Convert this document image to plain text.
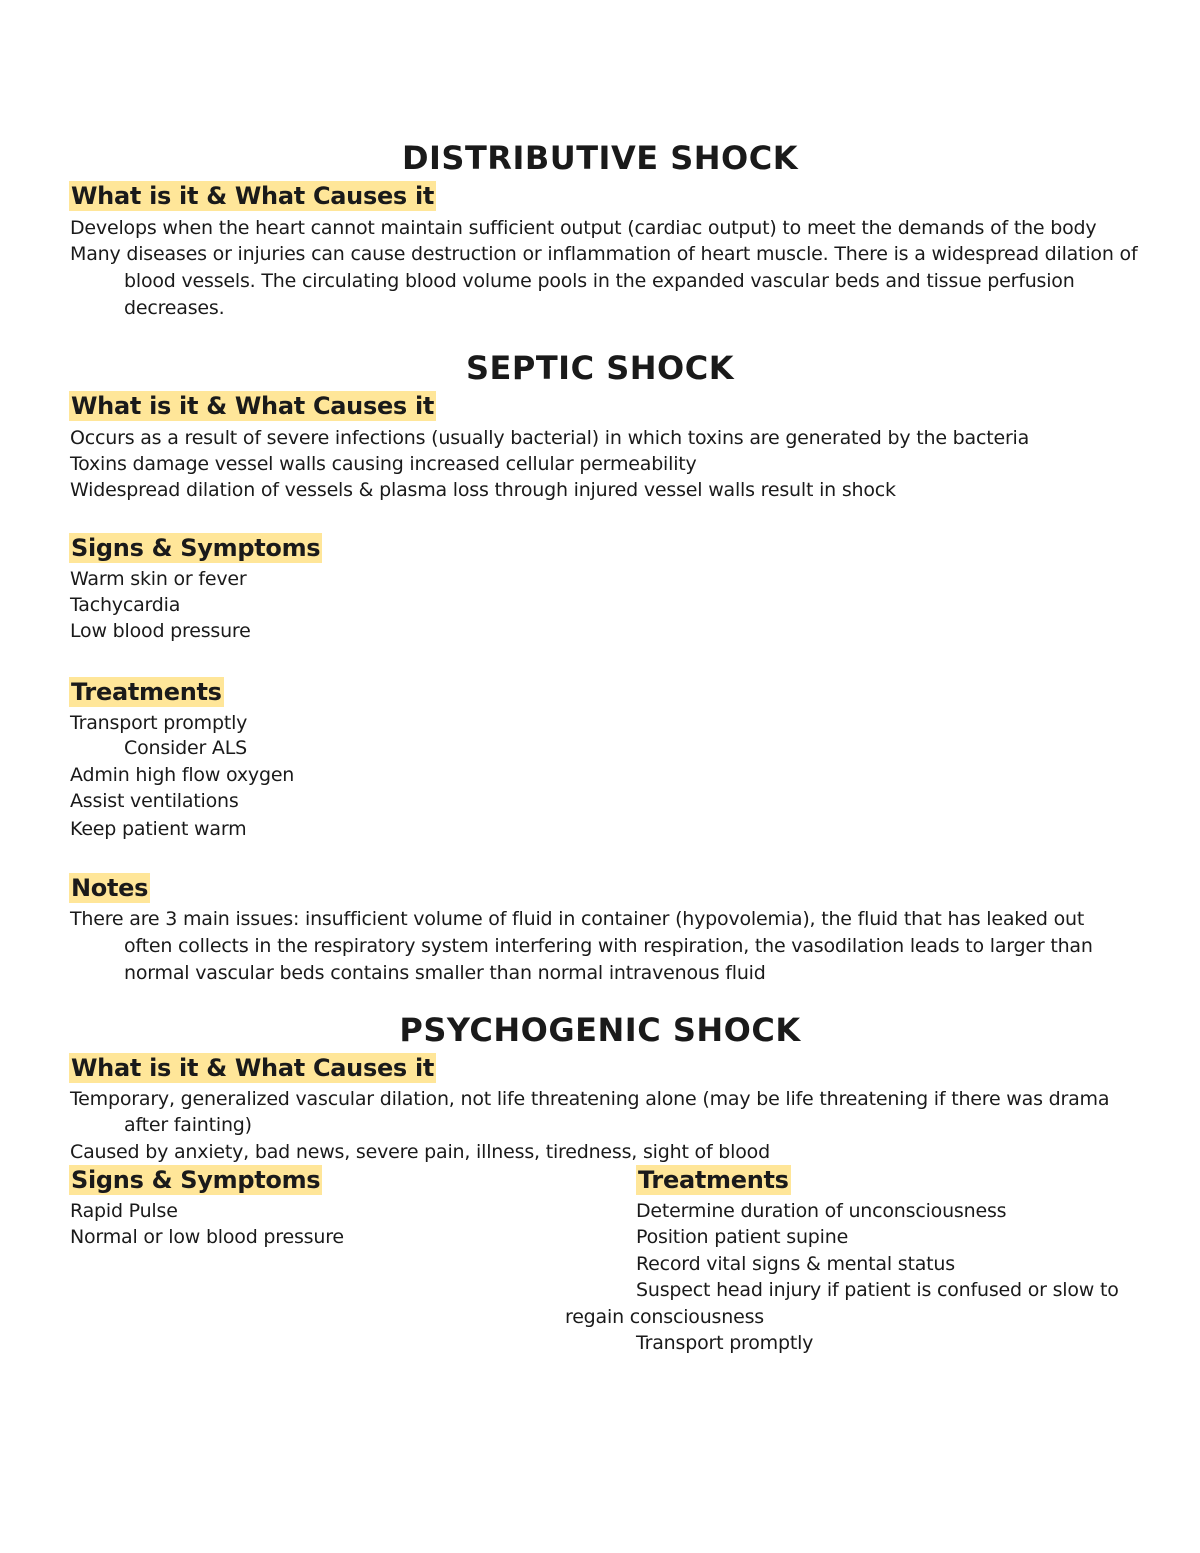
DISTRIBUTIVE SHOCK
What is it & What Causes it

Develops when the heart cannot maintain sufficient output (cardiac output) to meet the demands of the body

Many diseases or injuries can cause destruction or inflammation of heart muscle. There is a widespread dilation of

blood vessels. The circulating blood volume pools in the expanded vascular beds and tissue perfusion

decreases.

SEPTIC SHOCK
What is it & What Causes it

Occurs as a result of severe infections (usually bacterial) in which toxins are generated by the bacteria

Toxins damage vessel walls causing increased cellular permeability

Widespread dilation of vessels & plasma loss through injured vessel walls result in shock

Signs & Symptoms

Warm skin or fever

Tachycardia

Low blood pressure

Treatments

Transport promptly

Consider ALS

Admin high flow oxygen

Assist ventilations

Keep patient warm

Notes

There are 3 main issues: insufficient volume of fluid in container (hypovolemia), the fluid that has leaked out

often collects in the respiratory system interfering with respiration, the vasodilation leads to larger than

normal vascular beds contains smaller than normal intravenous fluid

PSYCHOGENIC SHOCK
What is it & What Causes it

Temporary, generalized vascular dilation, not life threatening alone (may be life threatening if there was drama

after fainting)

Caused by anxiety, bad news, severe pain, illness, tiredness, sight of blood

Signs & Symptoms

Rapid Pulse

Normal or low blood pressure

Treatments

Determine duration of unconsciousness

Position patient supine

Record vital signs & mental status

Suspect head injury if patient is confused or slow to

regain consciousness

Transport promptly
